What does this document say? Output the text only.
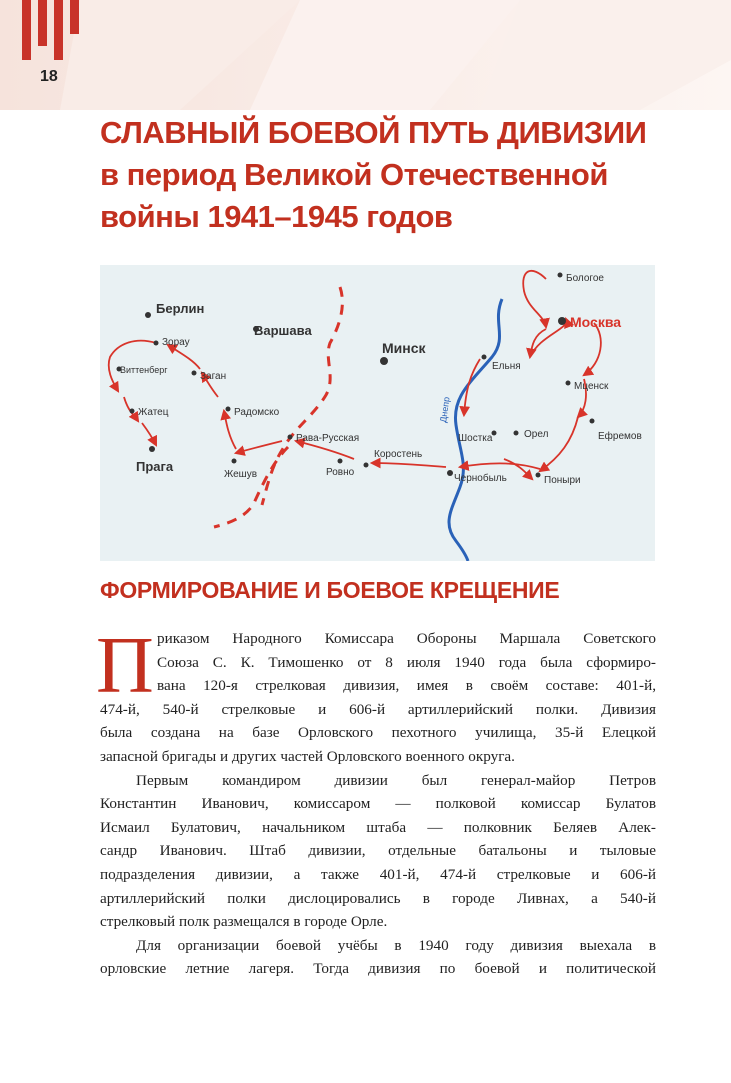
18
СЛАВНЫЙ БОЕВОЙ ПУТЬ ДИВИЗИИ
в период Великой Отечественной
войны 1941–1945 годов
Днепр
Берлин
Зорау
Виттенберг
Заган
Жатец
Прага
Варшава
Радомско
Рава-Русская
Жешув	Ровно
Коростень
Минск
Чернобыль
Шостка
Ельня
Орел
Поныри
Бологое
Москва
Мценск
Ефремов
ФОРМИРОВАНИЕ И БОЕВОЕ КРЕЩЕНИЕ
П риказом Народного Комиссара Обороны Маршала Советского
Союза С. К. Тимошенко от 8 июля 1940 года была сформиро-
вана 120-я стрелковая дивизия, имея в своём составе: 401-й,
474-й, 540-й стрелковые и 606-й артиллерийский полки. Дивизия
была создана на базе Орловского пехотного училища, 35-й Елецкой
запасной бригады и других частей Орловского военного округа.
Первым командиром дивизии был генерал-майор Петров
Константин Иванович, комиссаром — полковой комиссар Булатов
Исмаил Булатович, начальником штаба — полковник Беляев Алек-
сандр Иванович. Штаб дивизии, отдельные батальоны и тыловые
подразделения дивизии, а также 401-й, 474-й стрелковые и 606-й
артиллерийский полки дислоцировались в городе Ливнах, а 540-й
стрелковый полк размещался в городе Орле.
Для организации боевой учёбы в 1940 году дивизия выехала в
орловские летние лагеря. Тогда дивизия по боевой и политической
